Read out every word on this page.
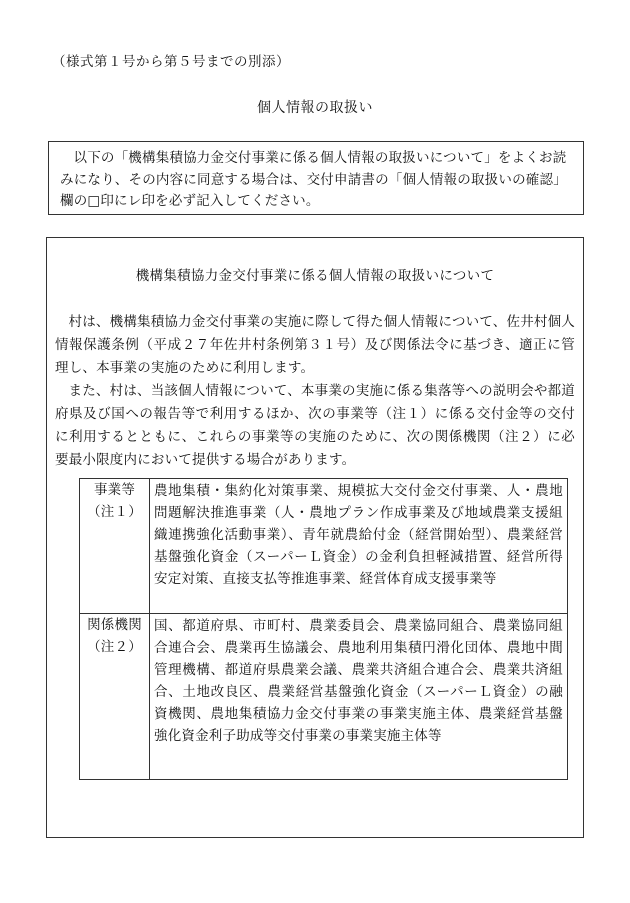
（様式第１号から第５号までの別添）
個人情報の取扱い
以下の「機構集積協力金交付事業に係る個人情報の取扱いについて」をよくお読みになり、その内容に同意する場合は、交付申請書の「個人情報の取扱いの確認」欄の□印にレ印を必ず記入してください。
機構集積協力金交付事業に係る個人情報の取扱いについて

村は、機構集積協力金交付事業の実施に際して得た個人情報について、佐井村個人情報保護条例（平成２７年佐井村条例第３１号）及び関係法令に基づき、適正に管理し、本事業の実施のために利用します。

また、村は、当該個人情報について、本事業の実施に係る集落等への説明会や都道府県及び国への報告等で利用するほか、次の事業等（注１）に係る交付金等の交付に利用するとともに、これらの事業等の実施のために、次の関係機関（注２）に必要最小限度内において提供する場合があります。

事業等
（注１）	農地集積・集約化対策事業、規模拡大交付金交付事業、人・農地問題解決推進事業（人・農地プラン作成事業及び地域農業支援組織連携強化活動事業）、青年就農給付金（経営開始型）、農業経営基盤強化資金（スーパーＬ資金）の金利負担軽減措置、経営所得安定対策、直接支払等推進事業、経営体育成支援事業等

関係機関
（注２）	国、都道府県、市町村、農業委員会、農業協同組合、農業協同組合連合会、農業再生協議会、農地利用集積円滑化団体、農地中間管理機構、都道府県農業会議、農業共済組合連合会、農業共済組合、土地改良区、農業経営基盤強化資金（スーパーＬ資金）の融資機関、農地集積協力金交付事業の事業実施主体、農業経営基盤強化資金利子助成等交付事業の事業実施主体等
